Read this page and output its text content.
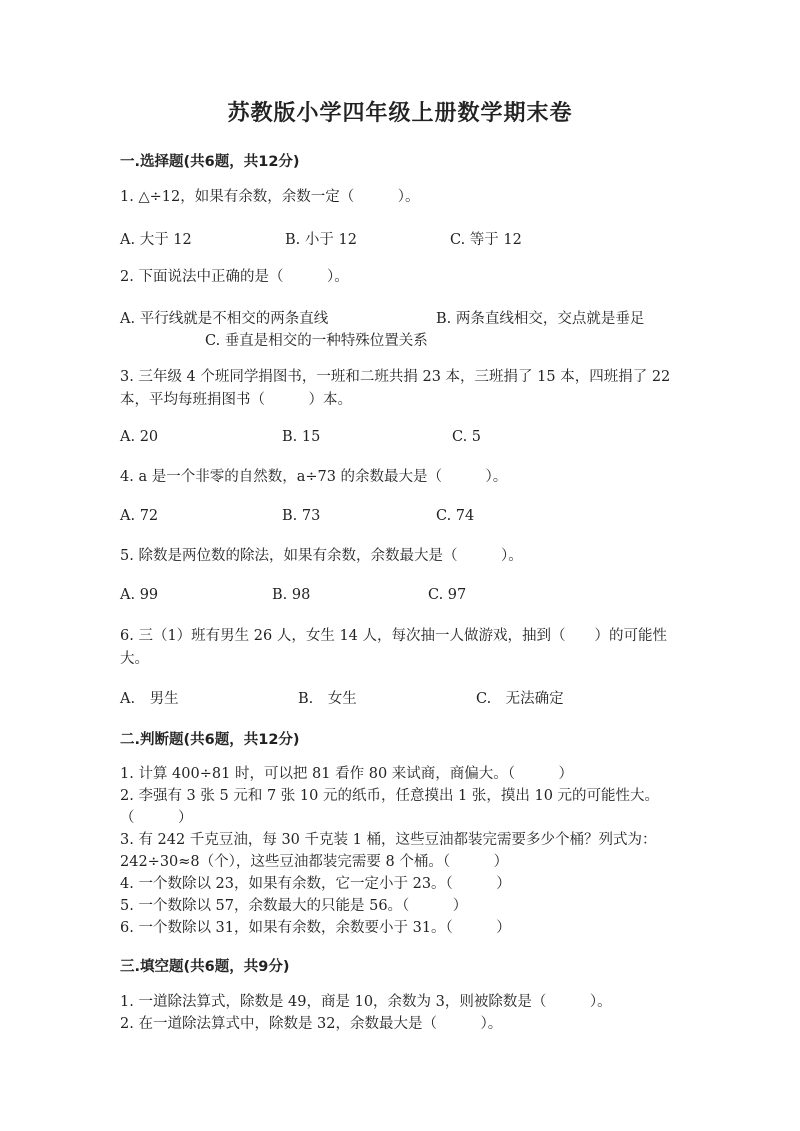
苏教版小学四年级上册数学期末卷
一.选择题(共6题，共12分)
1. △÷12，如果有余数，余数一定（　　　）。
A. 大于 12	B. 小于 12	C. 等于 12
2. 下面说法中正确的是（　　　）。
A. 平行线就是不相交的两条直线	B. 两条直线相交，交点就是垂足
C. 垂直是相交的一种特殊位置关系
3. 三年级 4 个班同学捐图书，一班和二班共捐 23 本，三班捐了 15 本，四班捐了 22 本，平均每班捐图书（　　　）本。
A. 20	B. 15	C. 5
4. a 是一个非零的自然数，a÷73 的余数最大是（　　　）。
A. 72	B. 73	C. 74
5. 除数是两位数的除法，如果有余数，余数最大是（　　　）。
A. 99	B. 98	C. 97
6. 三（1）班有男生 26 人，女生 14 人，每次抽一人做游戏，抽到（　　）的可能性大。
A.　男生	B.　女生	C.　无法确定
二.判断题(共6题，共12分)
1. 计算 400÷81 时，可以把 81 看作 80 来试商，商偏大。（　　　）
2. 李强有 3 张 5 元和 7 张 10 元的纸币，任意摸出 1 张，摸出 10 元的可能性大。　　（　　　）
3. 有 242 千克豆油，每 30 千克装 1 桶，这些豆油都装完需要多少个桶？列式为：242÷30≈8（个），这些豆油都装完需要 8 个桶。（　　　）
4. 一个数除以 23，如果有余数，它一定小于 23。（　　　）
5. 一个数除以 57，余数最大的只能是 56。（　　　）
6. 一个数除以 31，如果有余数，余数要小于 31。（　　　）
三.填空题(共6题，共9分)
1. 一道除法算式，除数是 49，商是 10，余数为 3，则被除数是（　　　）。
2. 在一道除法算式中，除数是 32，余数最大是（　　　）。
